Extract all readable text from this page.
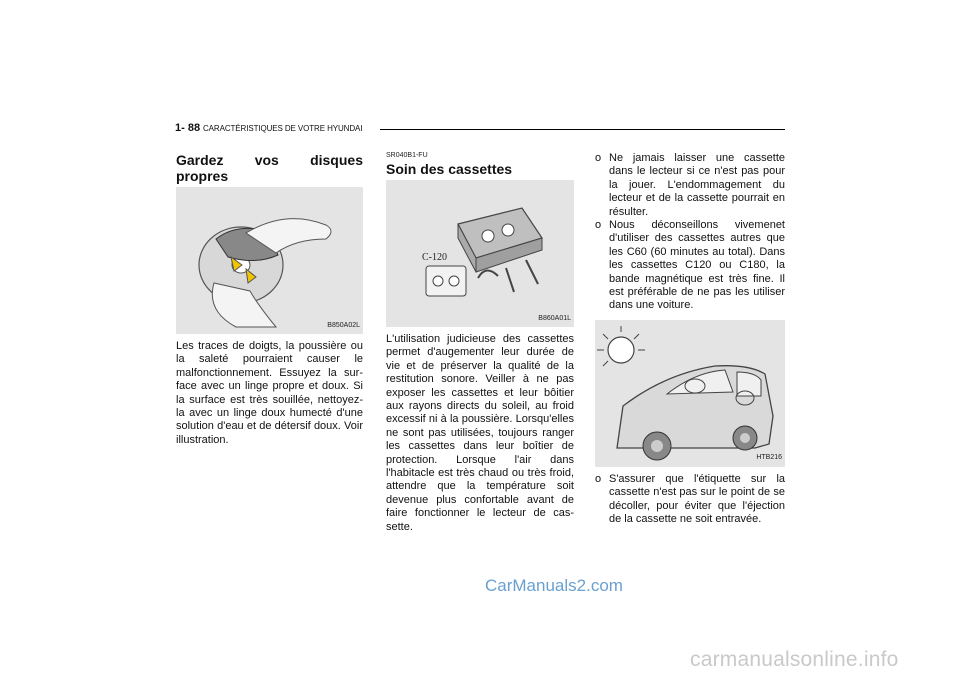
1- 88 CARACTÉRISTIQUES DE VOTRE HYUNDAI
Gardez vos disques propres
B850A02L
Les traces de doigts, la poussière ou la saleté pourraient causer le malfonctionnement. Essuyez la sur-face avec un linge propre et doux. Si la surface est très souillée, nettoyez-la avec un linge doux humecté d'une solution d'eau et de détersif doux. Voir illustration.
SR040B1-FU
Soin des cassettes
C-120
B860A01L
L'utilisation judicieuse des cassettes permet d'augementer leur durée de vie et de préserver la qualité de la restitution sonore. Veiller à ne pas exposer les cassettes et leur bôitier aux rayons directs du soleil, au froid excessif ni à la poussière. Lorsqu'elles ne sont pas utilisées, toujours ranger les cassettes dans leur boîtier de protection. Lorsque l'air dans l'habitacle est très chaud ou très froid, attendre que la température soit devenue plus confortable avant de faire fonctionner le lecteur de cas-sette.
o Ne jamais laisser une cassette dans le lecteur si ce n'est pas pour la jouer. L'endommagement du lecteur et de la cassette pourrait en résulter.
o Nous déconseillons vivemenet d'utiliser des cassettes autres que les C60 (60 minutes au total). Dans les cassettes C120 ou C180, la bande magnétique est très fine. Il est préférable de ne pas les utiliser dans une voiture.
HTB216
o S'assurer que l'étiquette sur la cassette n'est pas sur le point de se décoller, pour éviter que l'éjection de la cassette ne soit entravée.
CarManuals2.com
carmanualsonline.info
